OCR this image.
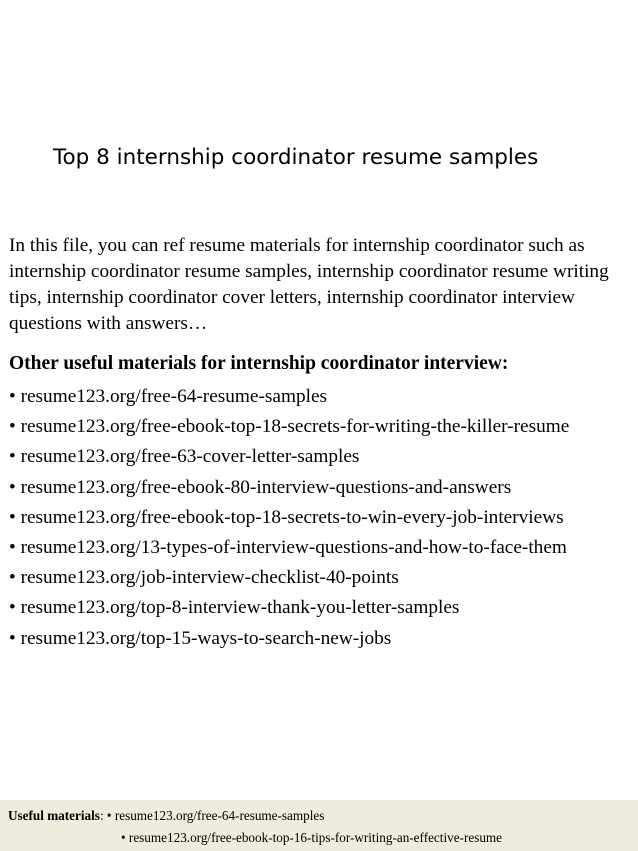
Top 8 internship coordinator resume samples

In this file, you can ref resume materials for internship coordinator such as internship coordinator resume samples, internship coordinator resume writing tips, internship coordinator cover letters, internship coordinator interview questions with answers…

Other useful materials for internship coordinator interview:
• resume123.org/free-64-resume-samples
• resume123.org/free-ebook-top-18-secrets-for-writing-the-killer-resume
• resume123.org/free-63-cover-letter-samples
• resume123.org/free-ebook-80-interview-questions-and-answers
• resume123.org/free-ebook-top-18-secrets-to-win-every-job-interviews
• resume123.org/13-types-of-interview-questions-and-how-to-face-them
• resume123.org/job-interview-checklist-40-points
• resume123.org/top-8-interview-thank-you-letter-samples
• resume123.org/top-15-ways-to-search-new-jobs
Useful materials: • resume123.org/free-64-resume-samples
• resume123.org/free-ebook-top-16-tips-for-writing-an-effective-resume
